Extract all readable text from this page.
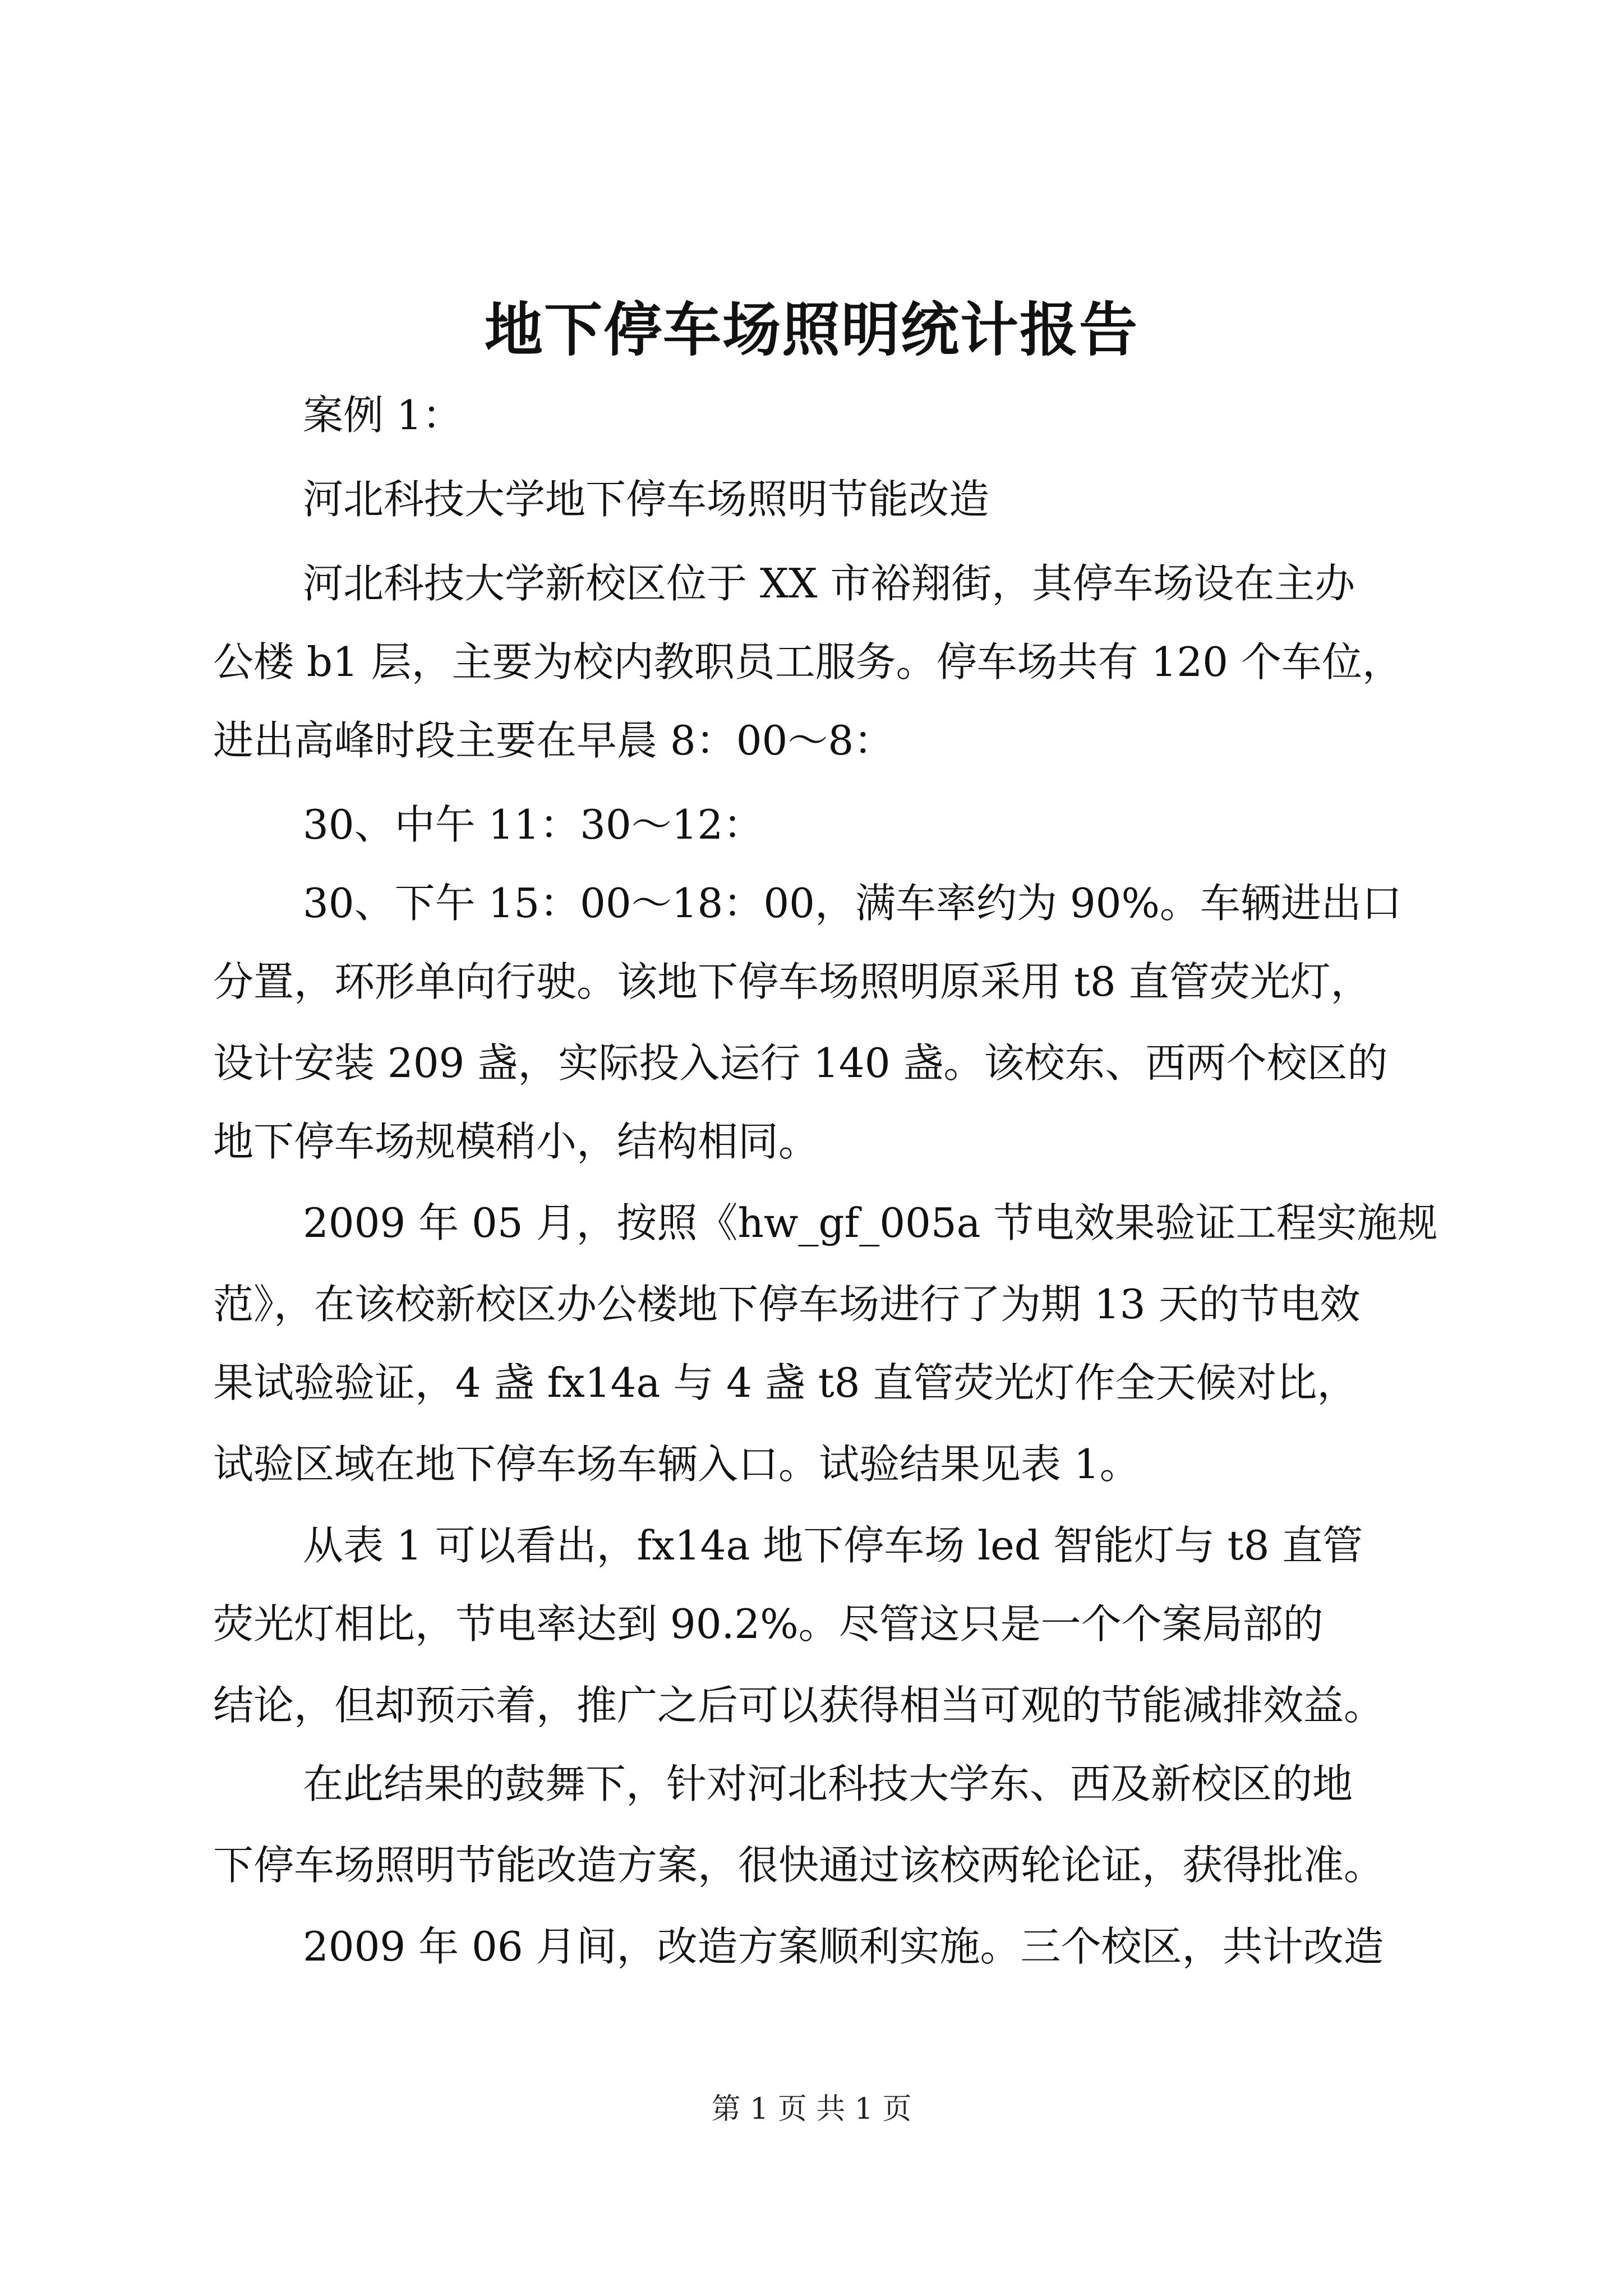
地下停车场照明统计报告
案例 1：
河北科技大学地下停车场照明节能改造
河北科技大学新校区位于 XX 市裕翔街，其停车场设在主办
公楼 b1 层，主要为校内教职员工服务。停车场共有 120 个车位，
进出高峰时段主要在早晨 8：00～8：
30、中午 11：30～12：
30、下午 15：00～18：00，满车率约为 90%。车辆进出口
分置，环形单向行驶。该地下停车场照明原采用 t8 直管荧光灯，
设计安装 209 盏，实际投入运行 140 盏。该校东、西两个校区的
地下停车场规模稍小，结构相同。
2009 年 05 月，按照《hw_gf_005a 节电效果验证工程实施规
范》，在该校新校区办公楼地下停车场进行了为期 13 天的节电效
果试验验证，4 盏 fx14a 与 4 盏 t8 直管荧光灯作全天候对比，
试验区域在地下停车场车辆入口。试验结果见表 1。
从表 1 可以看出，fx14a 地下停车场 led 智能灯与 t8 直管
荧光灯相比，节电率达到 90.2%。尽管这只是一个个案局部的
结论，但却预示着，推广之后可以获得相当可观的节能减排效益。
在此结果的鼓舞下，针对河北科技大学东、西及新校区的地
下停车场照明节能改造方案，很快通过该校两轮论证，获得批准。
2009 年 06 月间，改造方案顺利实施。三个校区，共计改造
第 1 页 共 1 页
